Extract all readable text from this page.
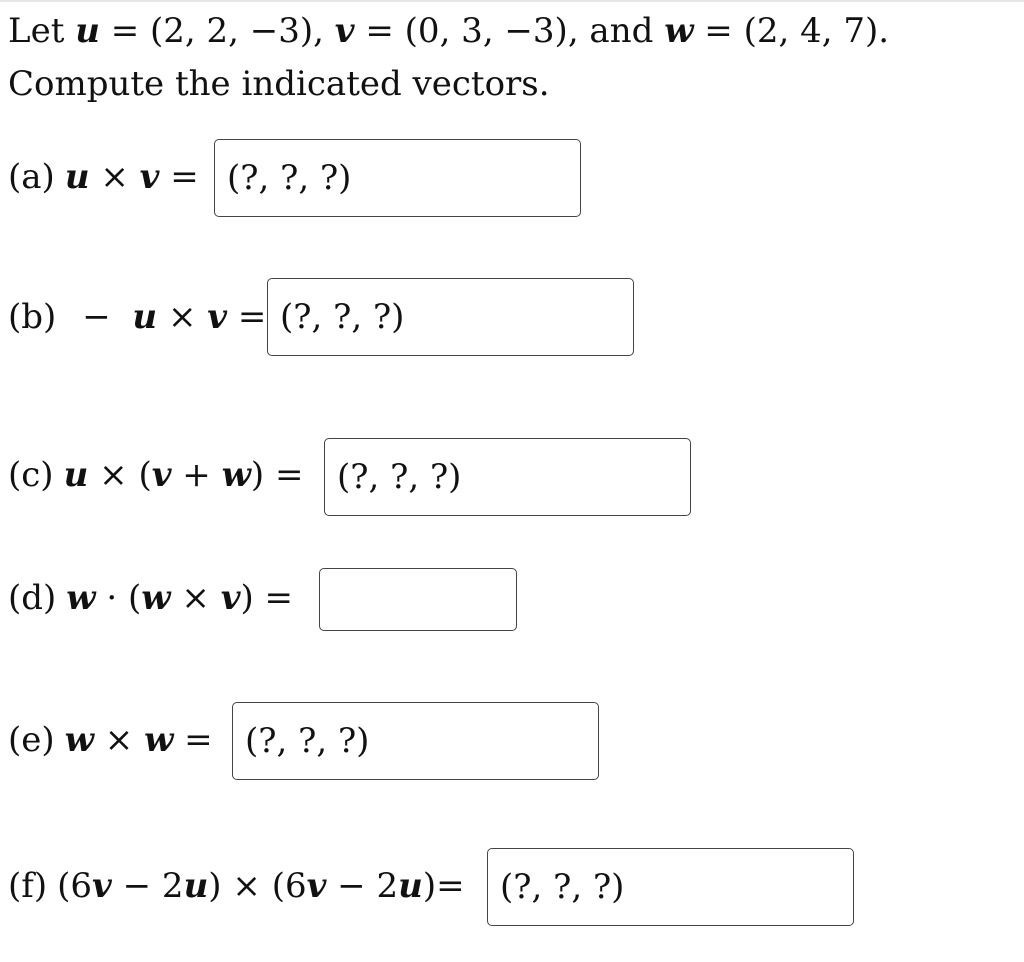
Let u = (2, 2, −3), v = (0, 3, −3), and w = (2, 4, 7).
Compute the indicated vectors.
(a) u
×
v
=
(?, ?, ?)
(b) −
u
×
v
=
(?, ?, ?)
(c) u
×
( v
+
w )
=
(?, ?, ?)
(d) w
·
( w
×
v )
=
(e) w
×
w
=
(?, ?, ?)
(f) ( 6 v
−
2 u )
×
( 6 v
−
2 u ) =
(?, ?, ?)
